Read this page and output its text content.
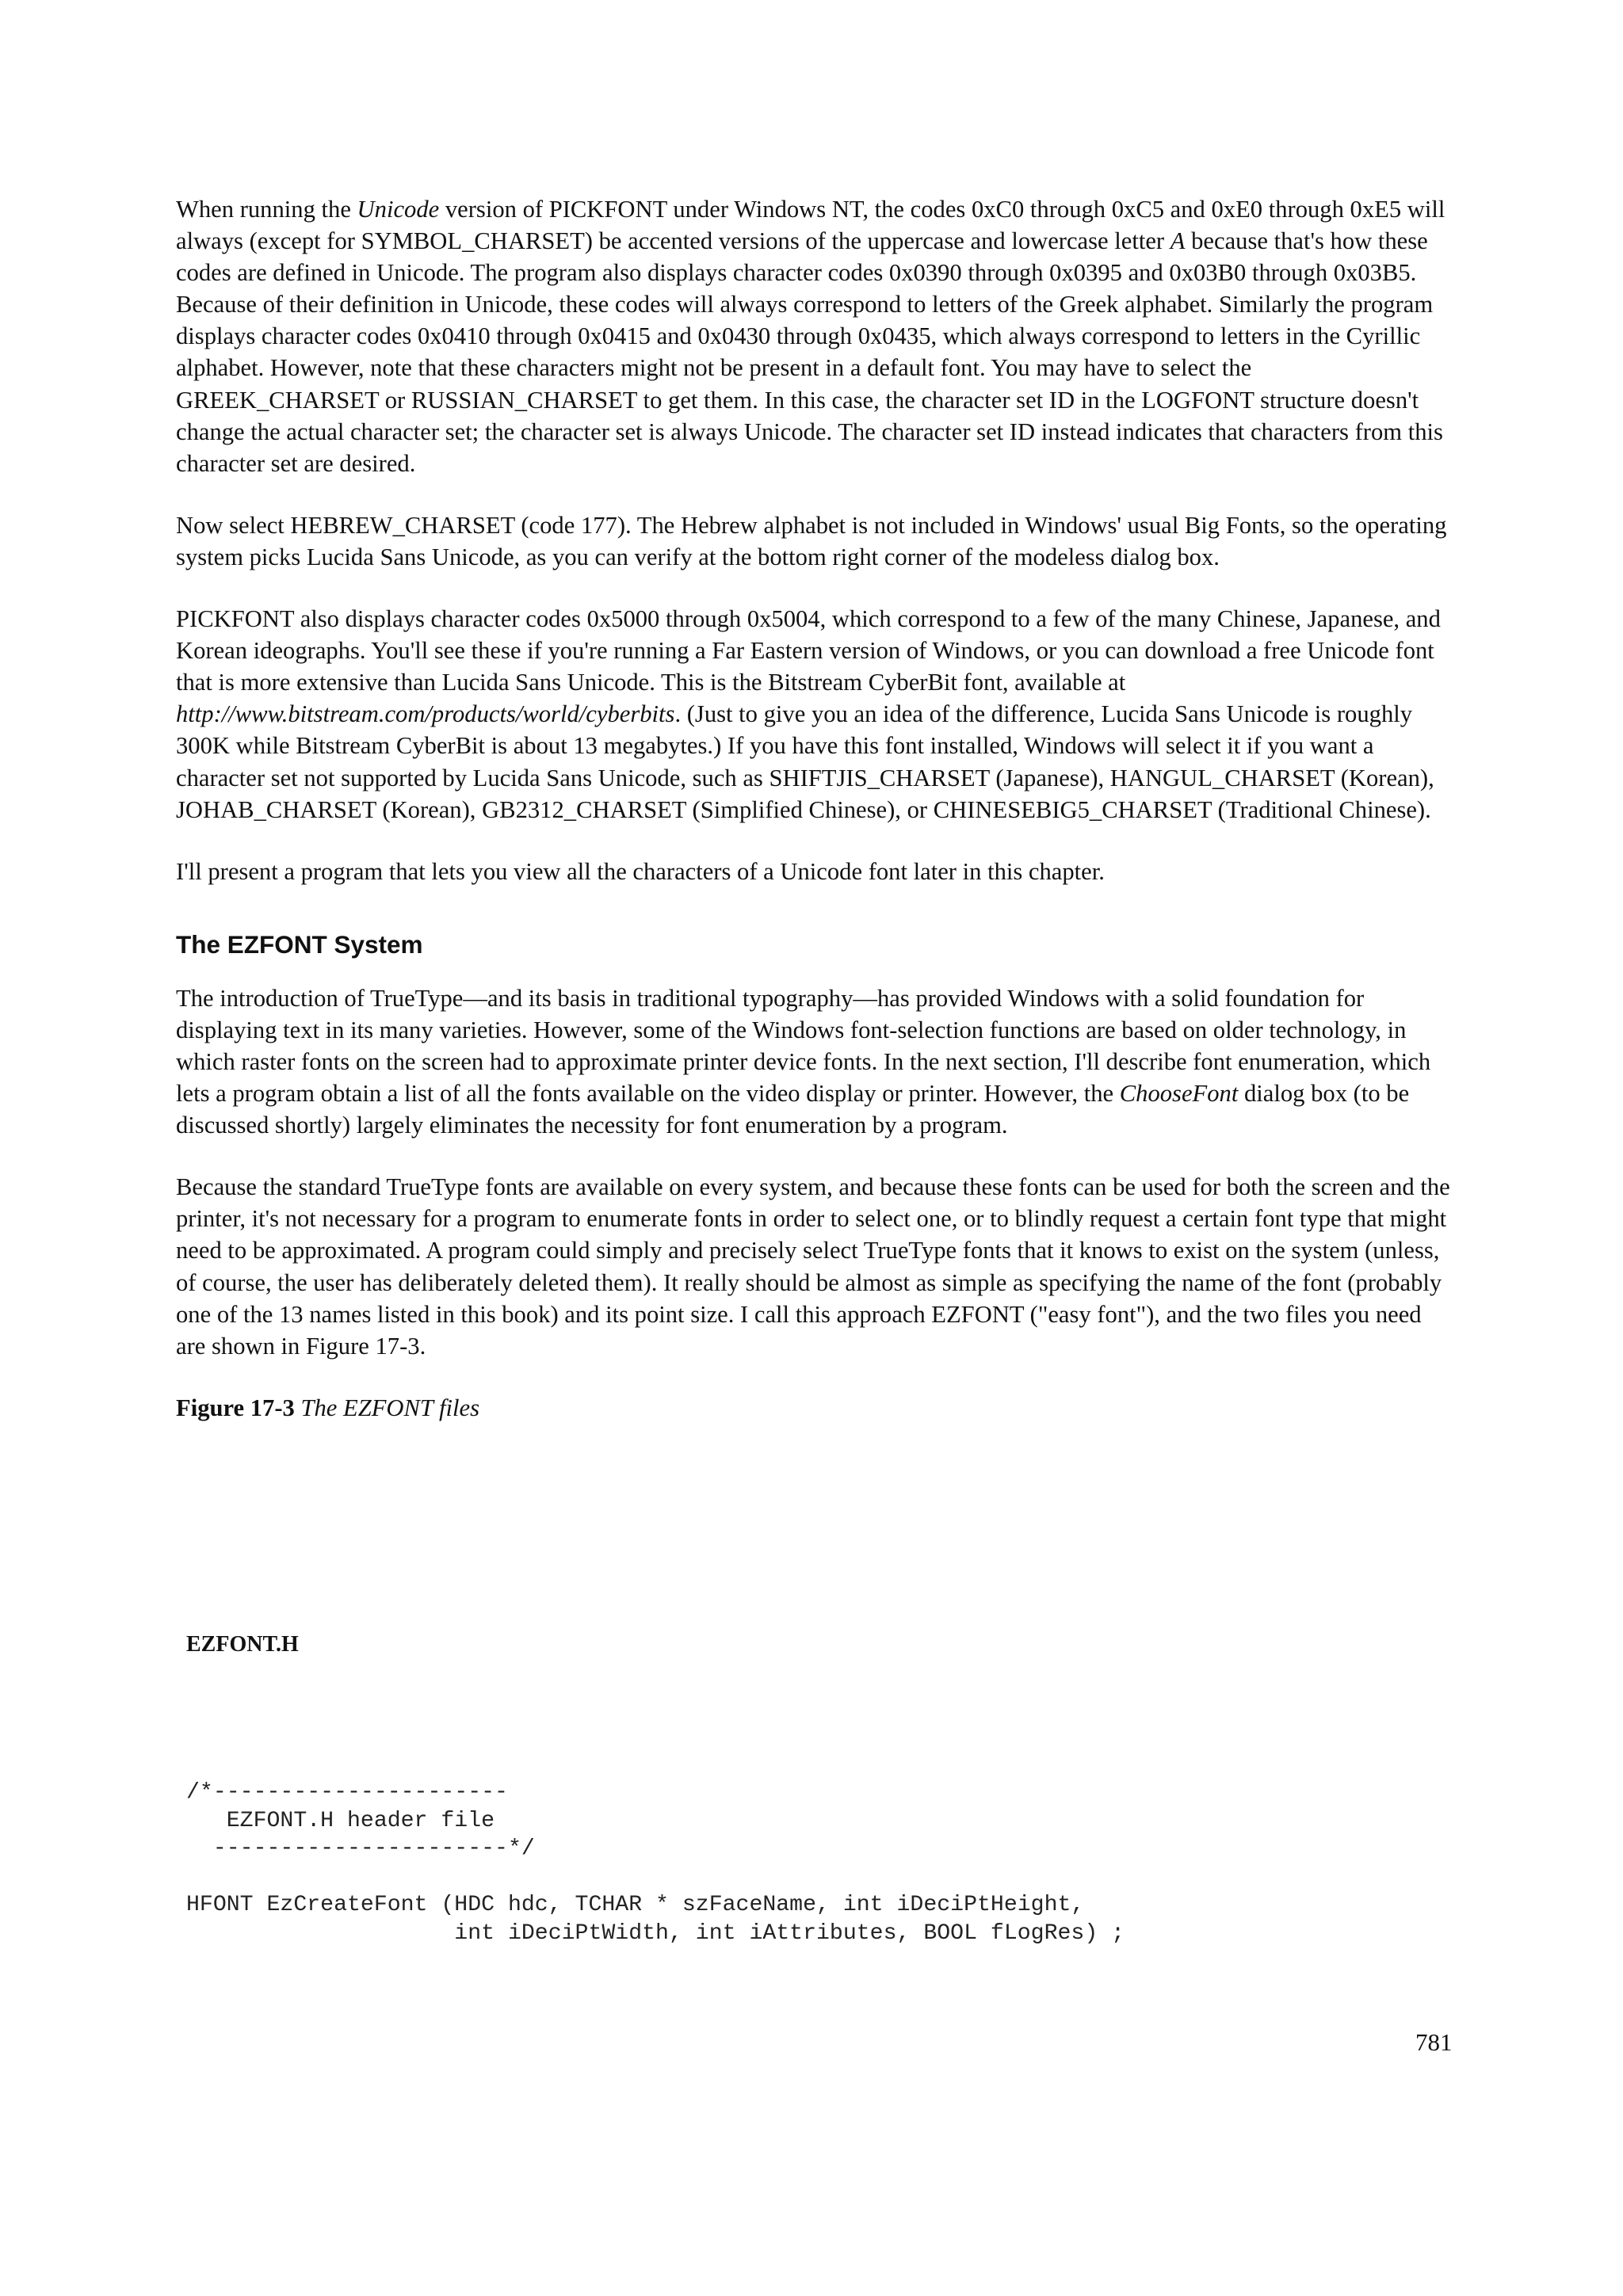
When running the Unicode version of PICKFONT under Windows NT, the codes 0xC0 through 0xC5 and 0xE0 through 0xE5 will always (except for SYMBOL_CHARSET) be accented versions of the uppercase and lowercase letter A because that's how these codes are defined in Unicode. The program also displays character codes 0x0390 through 0x0395 and 0x03B0 through 0x03B5. Because of their definition in Unicode, these codes will always correspond to letters of the Greek alphabet. Similarly the program displays character codes 0x0410 through 0x0415 and 0x0430 through 0x0435, which always correspond to letters in the Cyrillic alphabet. However, note that these characters might not be present in a default font. You may have to select the GREEK_CHARSET or RUSSIAN_CHARSET to get them. In this case, the character set ID in the LOGFONT structure doesn't change the actual character set; the character set is always Unicode. The character set ID instead indicates that characters from this character set are desired.

Now select HEBREW_CHARSET (code 177). The Hebrew alphabet is not included in Windows' usual Big Fonts, so the operating system picks Lucida Sans Unicode, as you can verify at the bottom right corner of the modeless dialog box.

PICKFONT also displays character codes 0x5000 through 0x5004, which correspond to a few of the many Chinese, Japanese, and Korean ideographs. You'll see these if you're running a Far Eastern version of Windows, or you can download a free Unicode font that is more extensive than Lucida Sans Unicode. This is the Bitstream CyberBit font, available at http://www.bitstream.com/products/world/cyberbits. (Just to give you an idea of the difference, Lucida Sans Unicode is roughly 300K while Bitstream CyberBit is about 13 megabytes.) If you have this font installed, Windows will select it if you want a character set not supported by Lucida Sans Unicode, such as SHIFTJIS_CHARSET (Japanese), HANGUL_CHARSET (Korean), JOHAB_CHARSET (Korean), GB2312_CHARSET (Simplified Chinese), or CHINESEBIG5_CHARSET (Traditional Chinese).

I'll present a program that lets you view all the characters of a Unicode font later in this chapter.

The EZFONT System

The introduction of TrueType—and its basis in traditional typography—has provided Windows with a solid foundation for displaying text in its many varieties. However, some of the Windows font-selection functions are based on older technology, in which raster fonts on the screen had to approximate printer device fonts. In the next section, I'll describe font enumeration, which lets a program obtain a list of all the fonts available on the video display or printer. However, the ChooseFont dialog box (to be discussed shortly) largely eliminates the necessity for font enumeration by a program.

Because the standard TrueType fonts are available on every system, and because these fonts can be used for both the screen and the printer, it's not necessary for a program to enumerate fonts in order to select one, or to blindly request a certain font type that might need to be approximated. A program could simply and precisely select TrueType fonts that it knows to exist on the system (unless, of course, the user has deliberately deleted them). It really should be almost as simple as specifying the name of the font (probably one of the 13 names listed in this book) and its point size. I call this approach EZFONT ("easy font"), and the two files you need are shown in Figure 17-3.

Figure 17-3 The EZFONT files

EZFONT.H
/*----------------------
EZFONT.H header file
----------------------*/

HFONT EzCreateFont (HDC hdc, TCHAR * szFaceName, int iDeciPtHeight,
int iDeciPtWidth, int iAttributes, BOOL fLogRes) ;
781
